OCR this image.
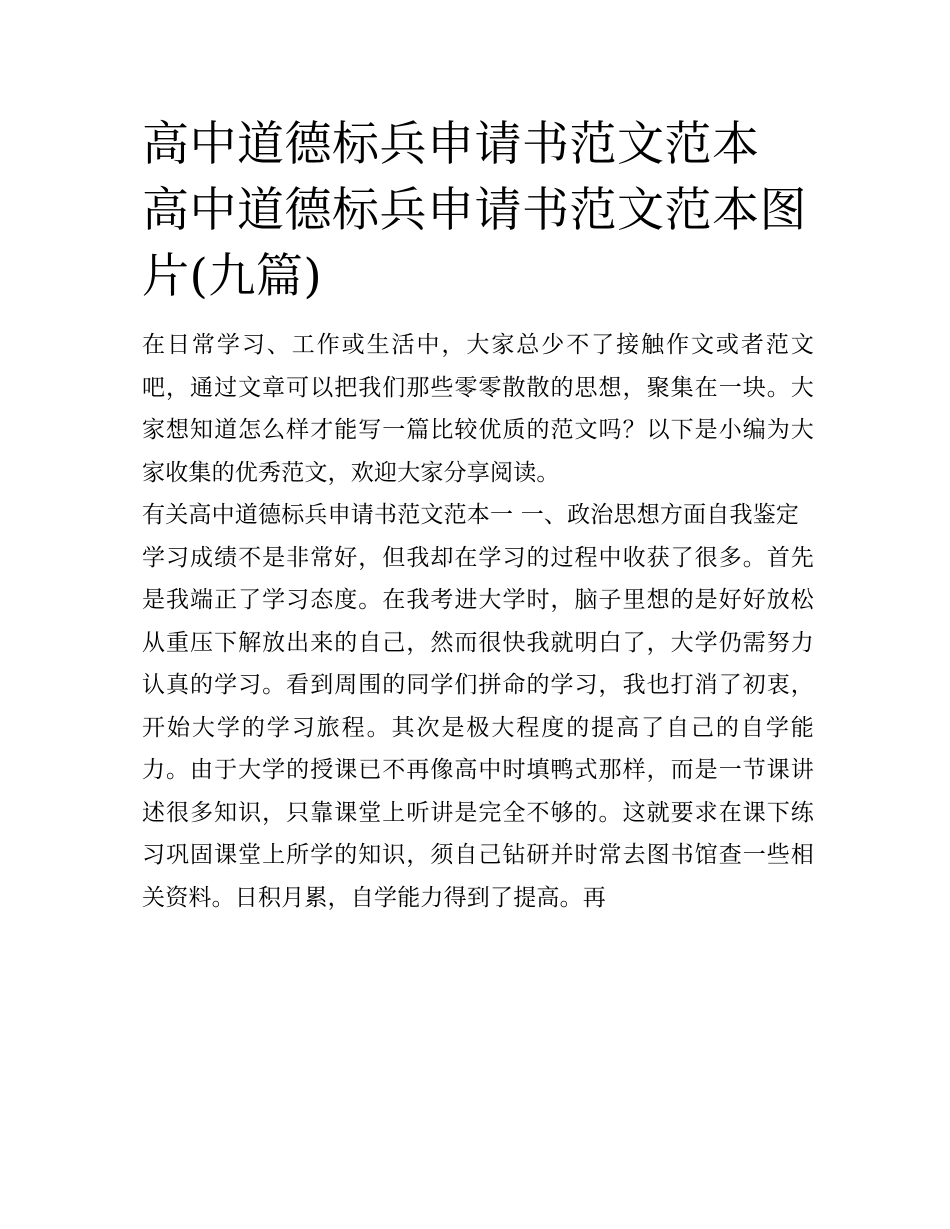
高中道德标兵申请书范文范本 高中道德标兵申请书范文范本图片(九篇)

在日常学习、工作或生活中，大家总少不了接触作文或者范文吧，通过文章可以把我们那些零零散散的思想，聚集在一块。大家想知道怎么样才能写一篇比较优质的范文吗？以下是小编为大家收集的优秀范文，欢迎大家分享阅读。

有关高中道德标兵申请书范文范本一 一、政治思想方面自我鉴定

学习成绩不是非常好，但我却在学习的过程中收获了很多。首先是我端正了学习态度。在我考进大学时，脑子里想的是好好放松从重压下解放出来的自己，然而很快我就明白了，大学仍需努力认真的学习。看到周围的同学们拼命的学习，我也打消了初衷，开始大学的学习旅程。其次是极大程度的提高了自己的自学能力。由于大学的授课已不再像高中时填鸭式那样，而是一节课讲述很多知识，只靠课堂上听讲是完全不够的。这就要求在课下练习巩固课堂上所学的知识，须自己钻研并时常去图书馆查一些相关资料。日积月累，自学能力得到了提高。再
